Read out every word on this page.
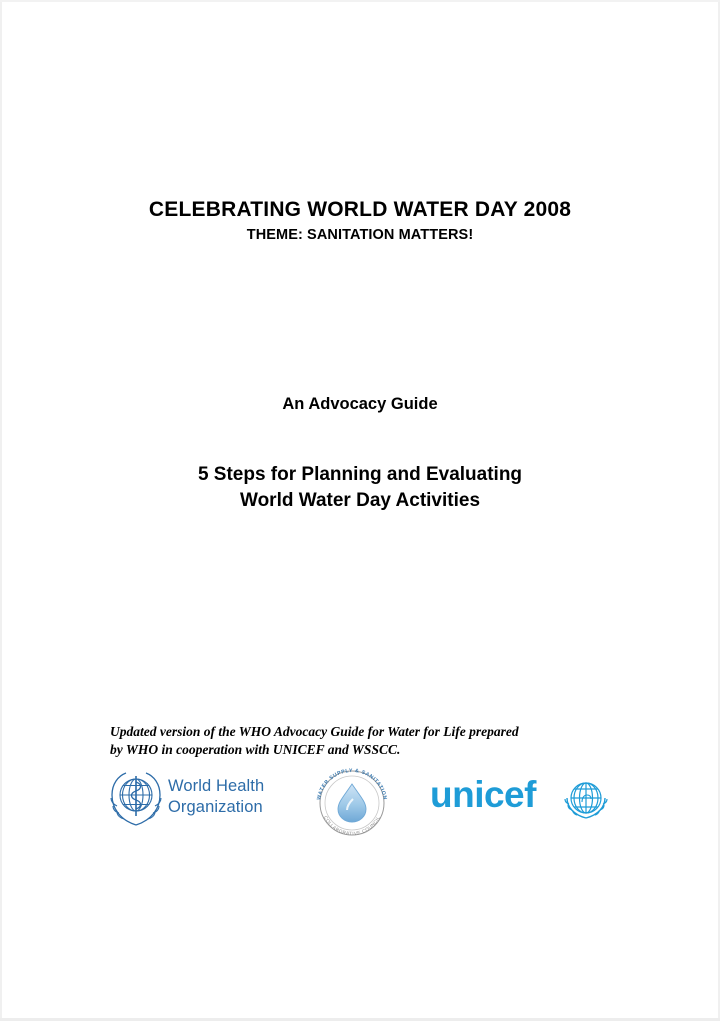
CELEBRATING WORLD WATER DAY 2008
THEME: SANITATION MATTERS!

An Advocacy Guide

5 Steps for Planning and Evaluating

World Water Day Activities

Updated version of the WHO Advocacy Guide for Water for Life prepared

by WHO in cooperation with UNICEF and WSSCC.

World Health
Organization
WATER SUPPLY & SANITATION
COLLABORATIVE COUNCIL
unicef
